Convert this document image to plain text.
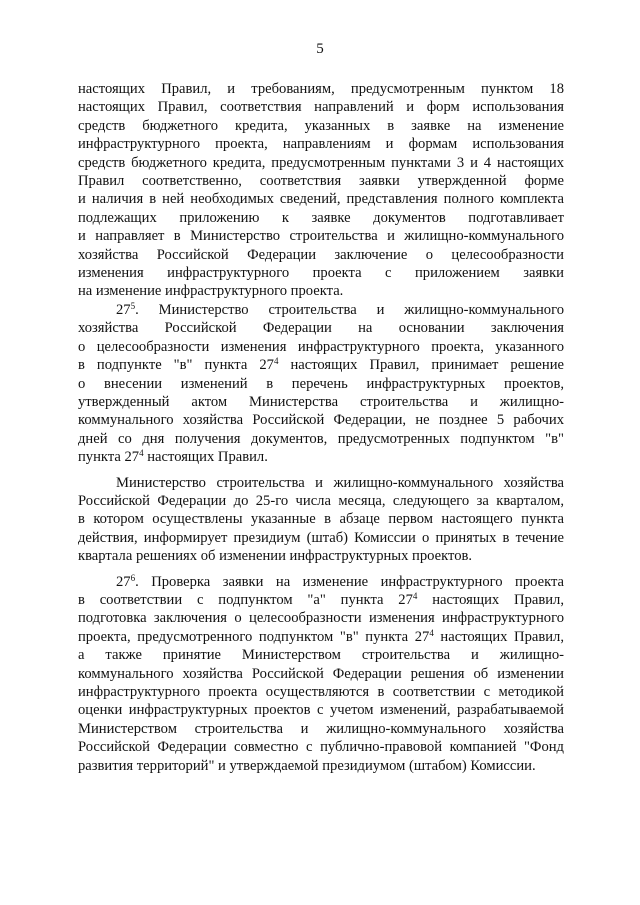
5
настоящих Правил, и требованиям, предусмотренным пунктом 18
настоящих Правил, соответствия направлений и форм использования
средств бюджетного кредита, указанных в заявке на изменение
инфраструктурного проекта, направлениям и формам использования
средств бюджетного кредита, предусмотренным пунктами 3 и 4 настоящих
Правил соответственно, соответствия заявки утвержденной форме
и наличия в ней необходимых сведений, представления полного комплекта
подлежащих приложению к заявке документов подготавливает
и направляет в Министерство строительства и жилищно-коммунального
хозяйства Российской Федерации заключение о целесообразности
изменения инфраструктурного проекта с приложением заявки
на изменение инфраструктурного проекта.
$27^5$. Министерство строительства и жилищно-коммунального
хозяйства Российской Федерации на основании заключения
о целесообразности изменения инфраструктурного проекта, указанного
в подпункте "в" пункта $27^4$ настоящих Правил, принимает решение
о внесении изменений в перечень инфраструктурных проектов,
утвержденный актом Министерства строительства и жилищно-
коммунального хозяйства Российской Федерации, не позднее 5 рабочих
дней со дня получения документов, предусмотренных подпунктом "в"
пункта $27^4$ настоящих Правил.
Министерство строительства и жилищно-коммунального хозяйства
Российской Федерации до 25-го числа месяца, следующего за кварталом,
в котором осуществлены указанные в абзаце первом настоящего пункта
действия, информирует президиум (штаб) Комиссии о принятых в течение
квартала решениях об изменении инфраструктурных проектов.
$27^6$. Проверка заявки на изменение инфраструктурного проекта
в соответствии с подпунктом "а" пункта $27^4$ настоящих Правил,
подготовка заключения о целесообразности изменения инфраструктурного
проекта, предусмотренного подпунктом "в" пункта $27^4$ настоящих Правил,
а также принятие Министерством строительства и жилищно-
коммунального хозяйства Российской Федерации решения об изменении
инфраструктурного проекта осуществляются в соответствии с методикой
оценки инфраструктурных проектов с учетом изменений, разрабатываемой
Министерством строительства и жилищно-коммунального хозяйства
Российской Федерации совместно с публично-правовой компанией "Фонд
развития территорий" и утверждаемой президиумом (штабом) Комиссии.
